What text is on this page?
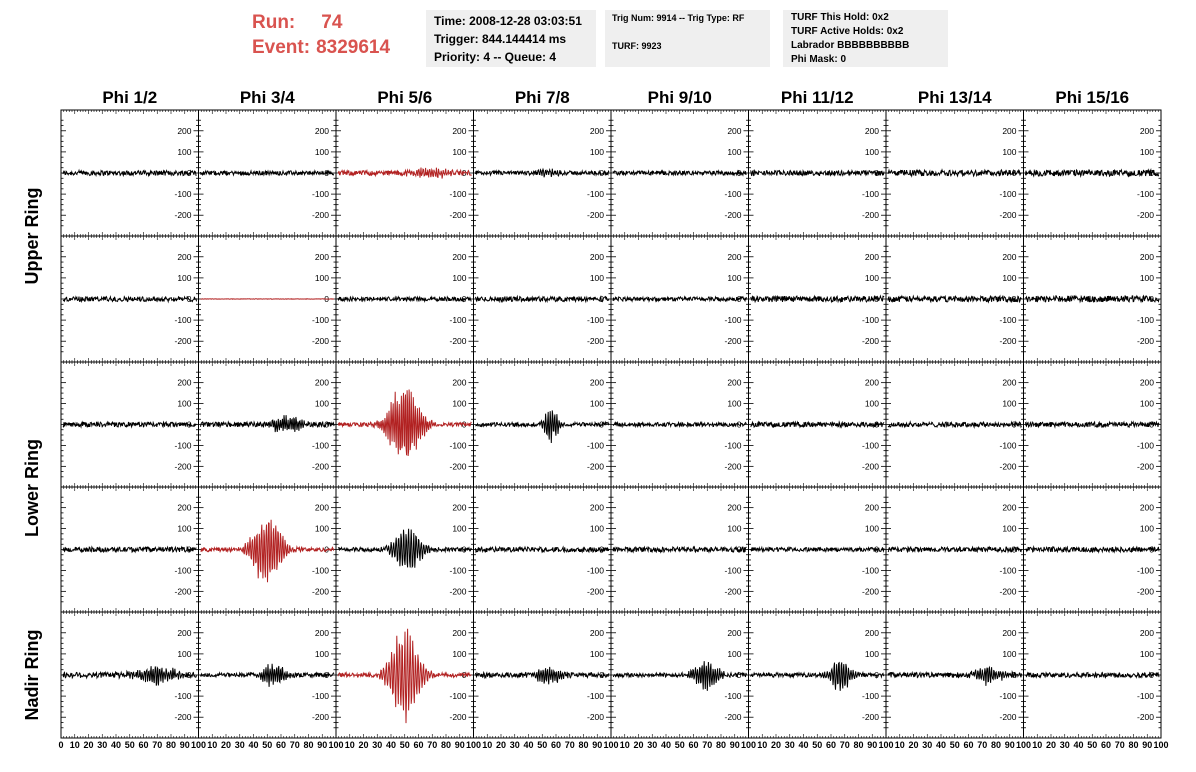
Run: 74
Event: 8329614
Time: 2008-12-28 03:03:51
Trigger: 844.144414 ms
Priority: 4 -- Queue: 4
Trig Num: 9914 -- Trig Type: RF
TURF: 9923
TURF This Hold: 0x2
TURF Active Holds: 0x2
Labrador BBBBBBBBBB
Phi Mask: 0
Phi 1/2	Phi 3/4	Phi 5/6	Phi 7/8	Phi 9/10	Phi 11/12	Phi 13/14	Phi 15/16
Upper Ring
Lower Ring
Nadir Ring
200
100
0
-100
-200
200
100
0
-100
-200
200
100
0
-100
-200
200
100
0
-100
-200
200
100
0
-100
-200
200
100
0
-100
-200
200
100
0
-100
-200
200
100
0
-100
-200
200
100
0
-100
-200
200
100
0
-100
-200
200
100
0
-100
-200
200
100
0
-100
-200
200
100
0
-100
-200
200
100
0
-100
-200
200
100
0
-100
-200
200
100
0
-100
-200
200
100
0
-100
-200
200
100
0
-100
-200
200
100
0
-100
-200
200
100
0
-100
-200
200
100
0
-100
-200
200
100
0
-100
-200
200
100
0
-100
-200
200
100
0
-100
-200
200
100
0
-100
-200
200
100
0
-100
-200
200
100
0
-100
-200
200
100
0
-100
-200
200
100
0
-100
-200
200
100
0
-100
-200
200
100
0
-100
-200
200
100
0
-100
-200
200
100
0
-100
-200
200
100
0
-100
-200
200
100
0
-100
-200
200
100
0
-100
-200
200
100
0
-100
-200
200
100
0
-100
-200
200
100
0
-100
-200
200
100
0
-100
-200
0 10 20 30 40 50 60 70 80 90 100 10 20 30 40 50 60 70 80 90 100 10 20 30 40 50 60 70 80 90 100 10 20 30 40 50 60 70 80 90 100 10 20 30 40 50 60 70 80 90 100 10 20 30 40 50 60 70 80 90 100 10 20 30 40 50 60 70 80 90 100 10 20 30 40 50 60 70 80 90 100
